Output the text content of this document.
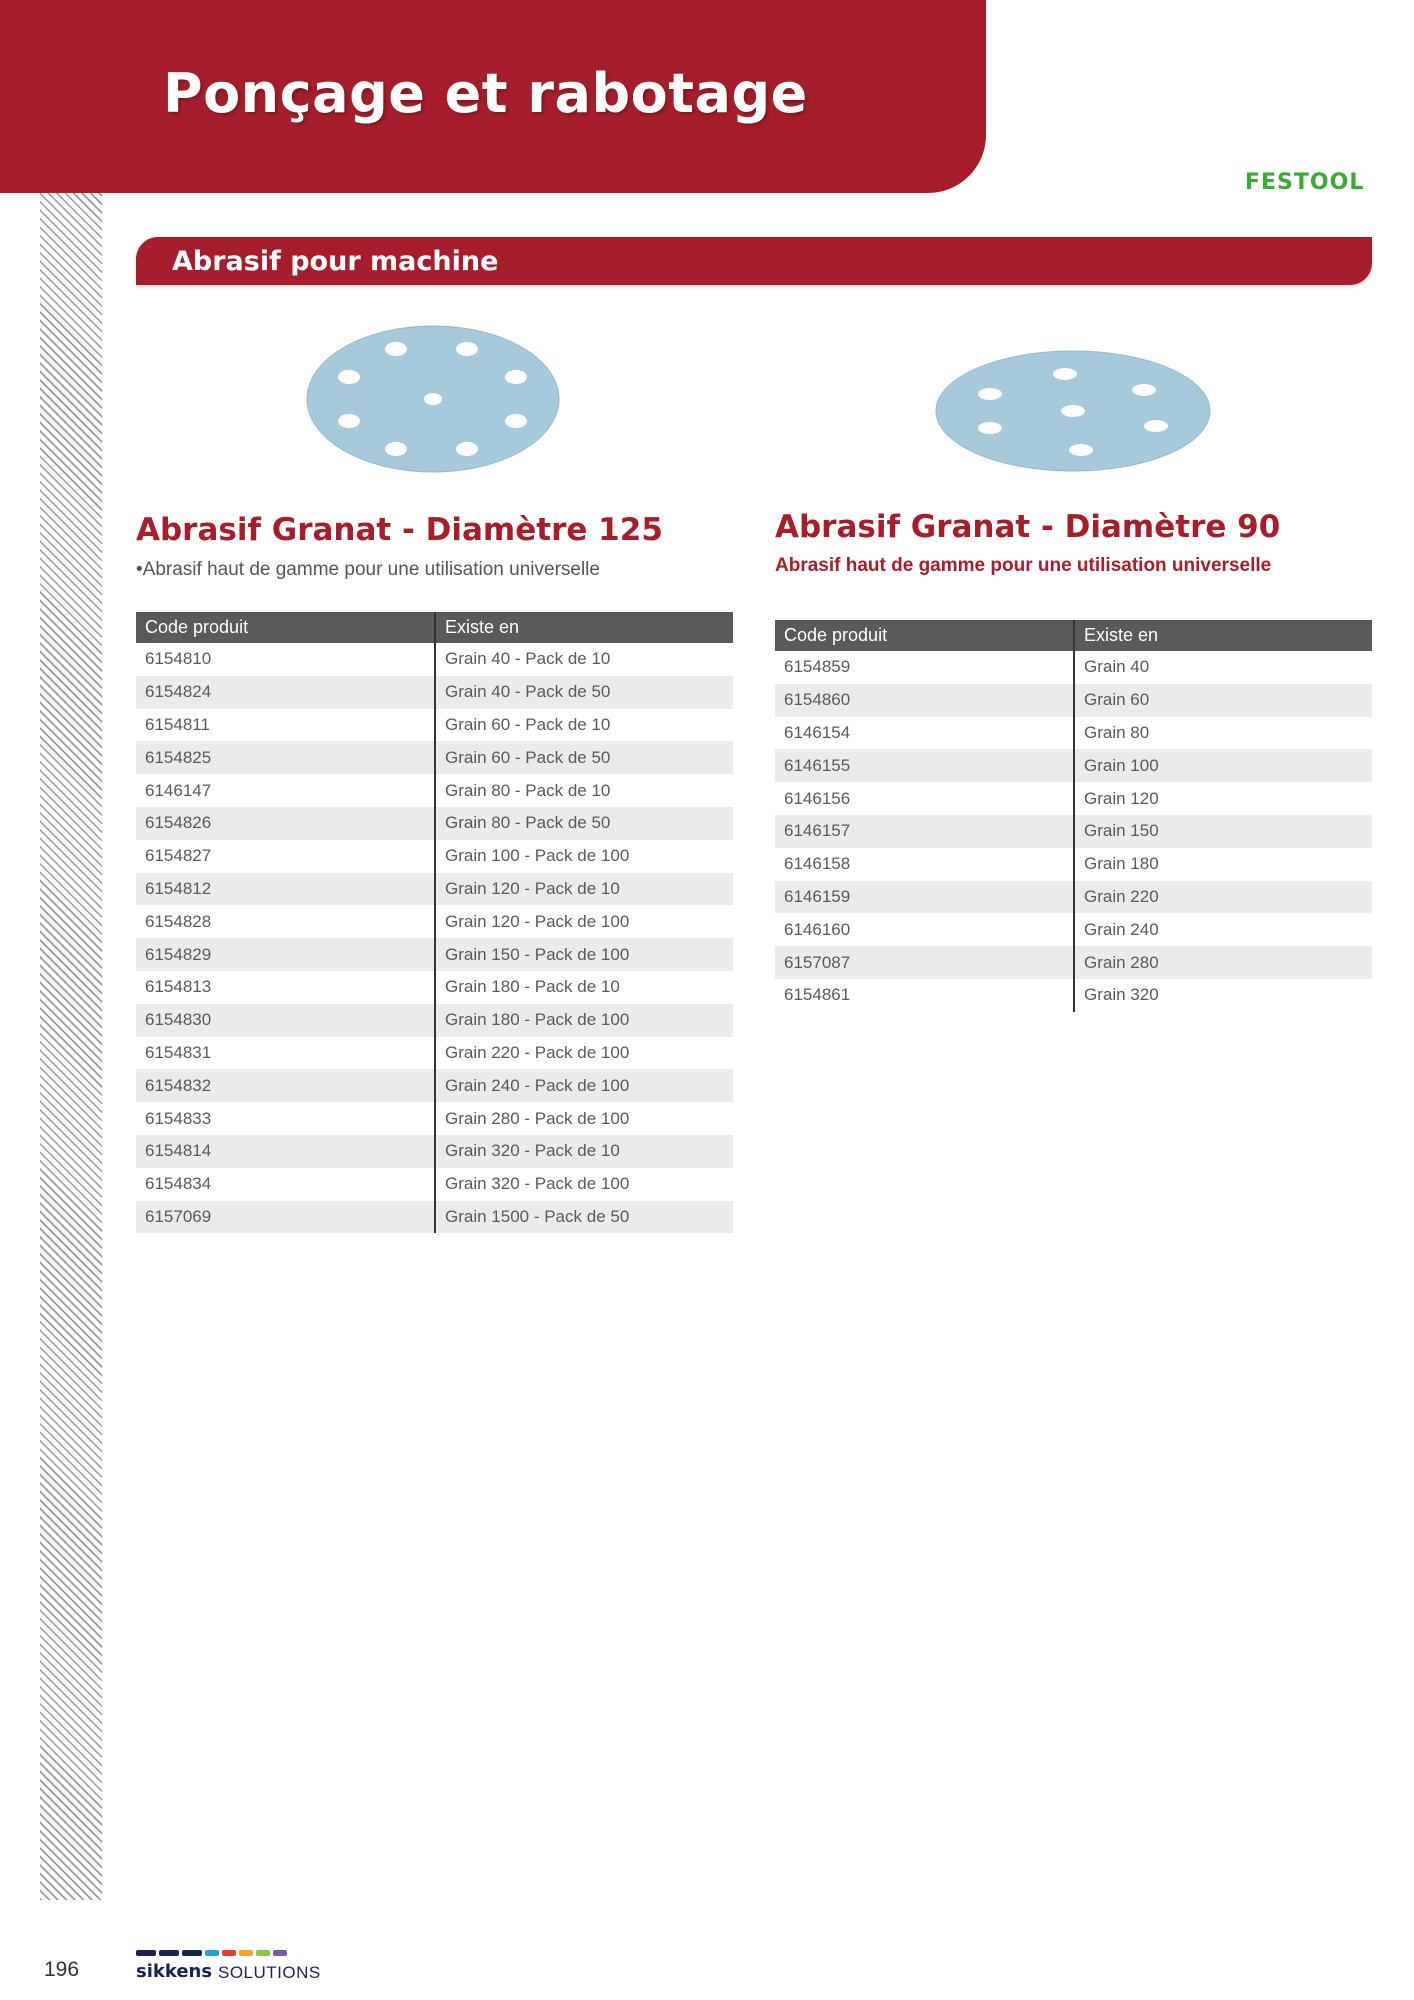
Ponçage et rabotage
FESTOOL
Abrasif pour machine
Abrasif Granat - Diamètre 125
•Abrasif haut de gamme pour une utilisation universelle
Abrasif Granat - Diamètre 90
Abrasif haut de gamme pour une utilisation universelle
Code produit	Existe en
6154810	Grain 40 - Pack de 10
6154824	Grain 40 - Pack de 50
6154811	Grain 60 - Pack de 10
6154825	Grain 60 - Pack de 50
6146147	Grain 80 - Pack de 10
6154826	Grain 80 - Pack de 50
6154827	Grain 100 - Pack de 100
6154812	Grain 120 - Pack de 10
6154828	Grain 120 - Pack de 100
6154829	Grain 150 - Pack de 100
6154813	Grain 180 - Pack de 10
6154830	Grain 180 - Pack de 100
6154831	Grain 220 - Pack de 100
6154832	Grain 240 - Pack de 100
6154833	Grain 280 - Pack de 100
6154814	Grain 320 - Pack de 10
6154834	Grain 320 - Pack de 100
6157069	Grain 1500 - Pack de 50
Code produit	Existe en
6154859	Grain 40
6154860	Grain 60
6146154	Grain 80
6146155	Grain 100
6146156	Grain 120
6146157	Grain 150
6146158	Grain 180
6146159	Grain 220
6146160	Grain 240
6157087	Grain 280
6154861	Grain 320
196	sikkens SOLUTIONS
